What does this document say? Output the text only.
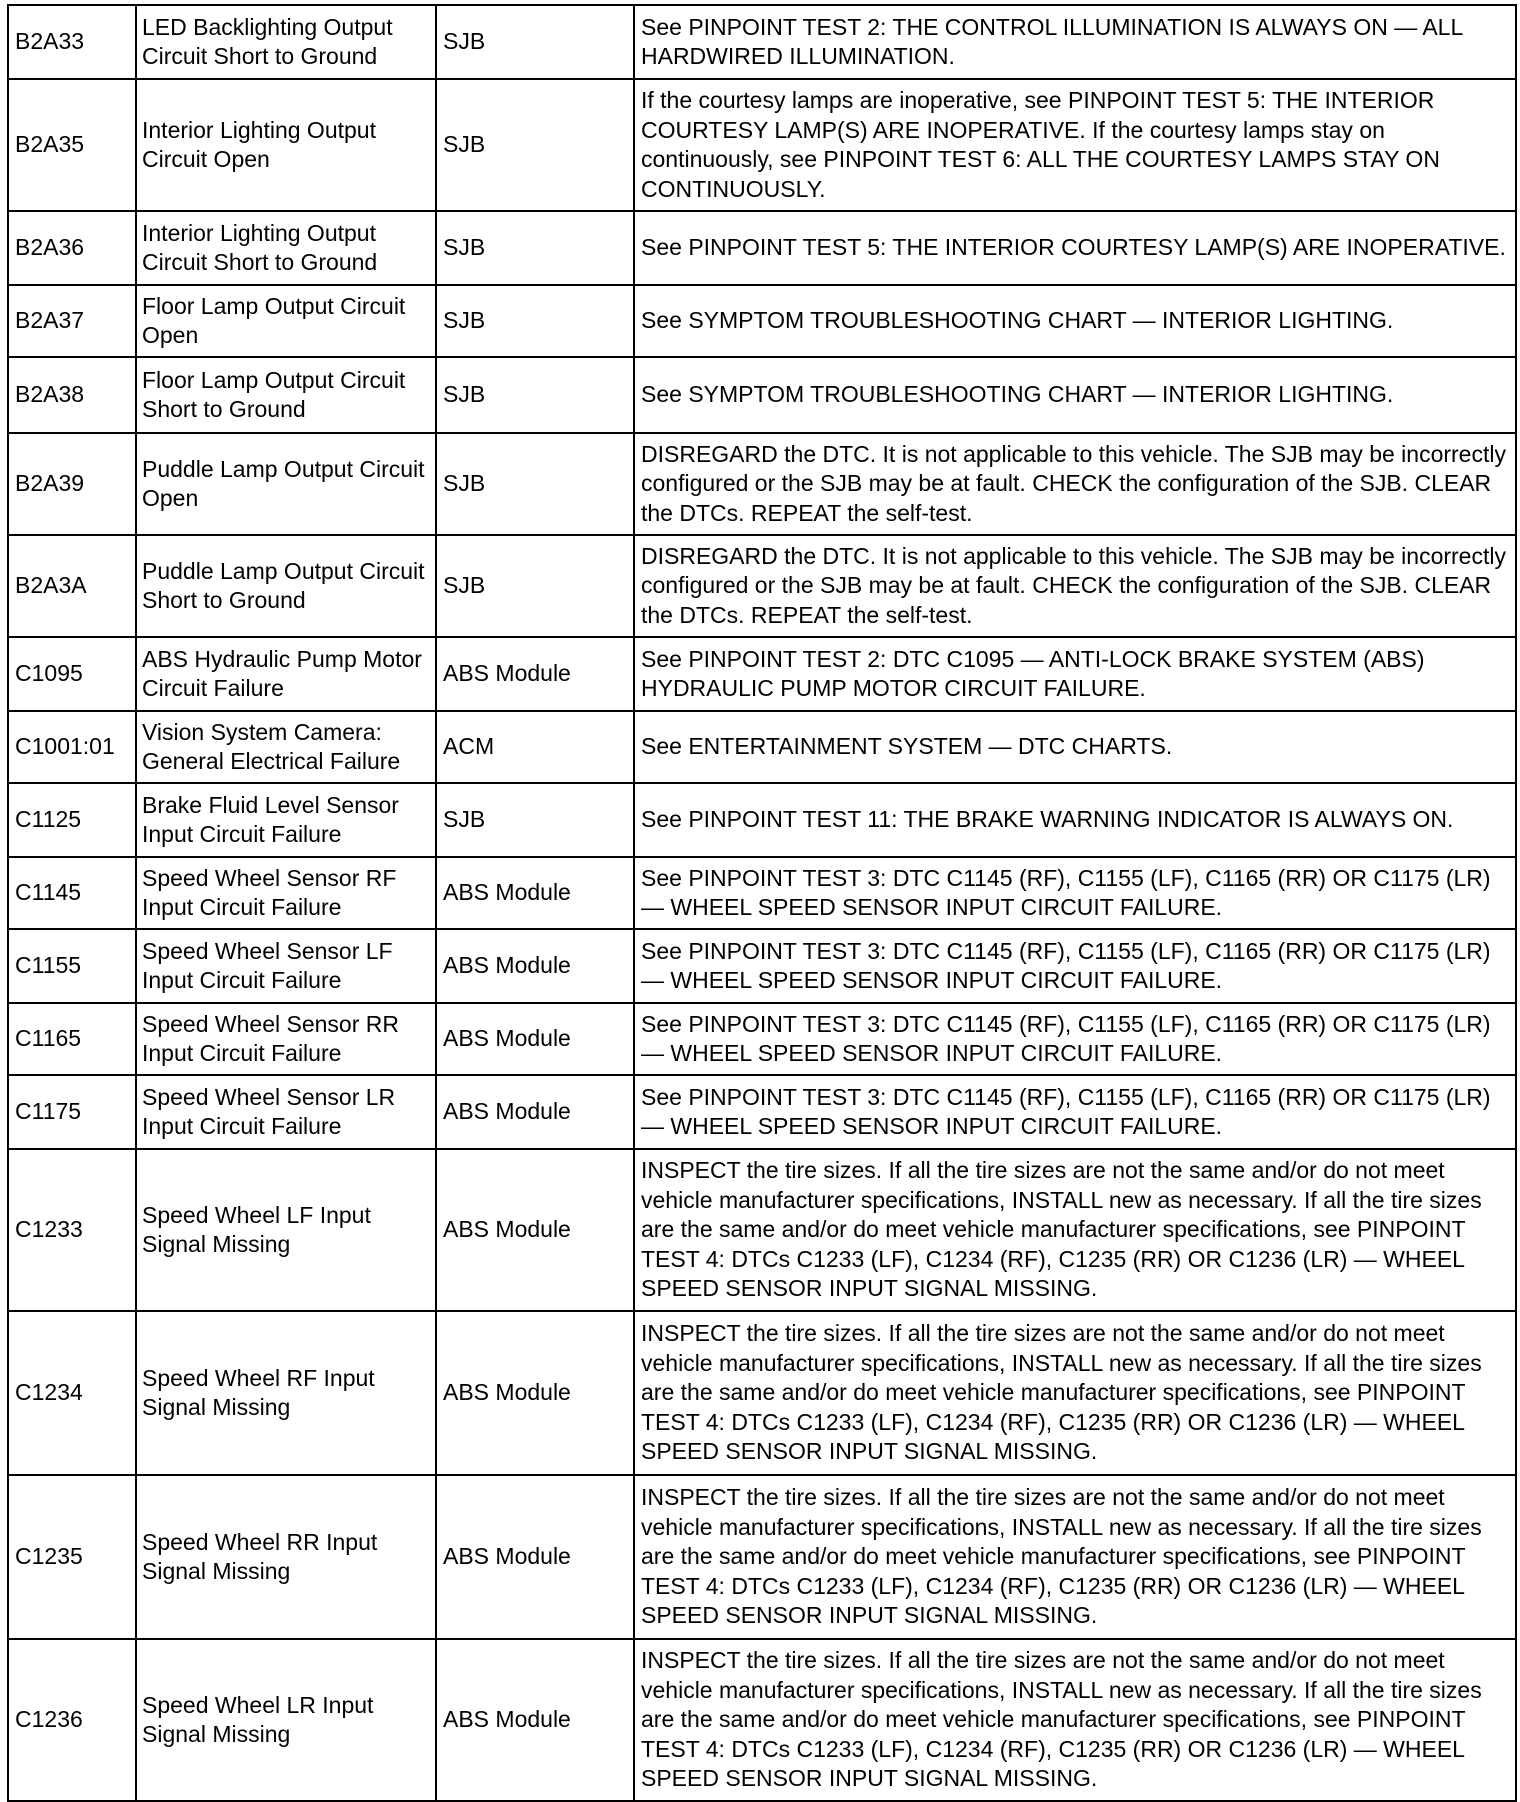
B2A33	LED Backlighting Output Circuit Short to Ground	SJB	See PINPOINT TEST 2: THE CONTROL ILLUMINATION IS ALWAYS ON — ALL HARDWIRED ILLUMINATION.
B2A35	Interior Lighting Output Circuit Open	SJB	If the courtesy lamps are inoperative, see PINPOINT TEST 5: THE INTERIOR COURTESY LAMP(S) ARE INOPERATIVE. If the courtesy lamps stay on continuously, see PINPOINT TEST 6: ALL THE COURTESY LAMPS STAY ON CONTINUOUSLY.
B2A36	Interior Lighting Output Circuit Short to Ground	SJB	See PINPOINT TEST 5: THE INTERIOR COURTESY LAMP(S) ARE INOPERATIVE.
B2A37	Floor Lamp Output Circuit Open	SJB	See SYMPTOM TROUBLESHOOTING CHART — INTERIOR LIGHTING.
B2A38	Floor Lamp Output Circuit Short to Ground	SJB	See SYMPTOM TROUBLESHOOTING CHART — INTERIOR LIGHTING.
B2A39	Puddle Lamp Output Circuit Open	SJB	DISREGARD the DTC. It is not applicable to this vehicle. The SJB may be incorrectly configured or the SJB may be at fault. CHECK the configuration of the SJB. CLEAR the DTCs. REPEAT the self-test.
B2A3A	Puddle Lamp Output Circuit Short to Ground	SJB	DISREGARD the DTC. It is not applicable to this vehicle. The SJB may be incorrectly configured or the SJB may be at fault. CHECK the configuration of the SJB. CLEAR the DTCs. REPEAT the self-test.
C1095	ABS Hydraulic Pump Motor Circuit Failure	ABS Module	See PINPOINT TEST 2: DTC C1095 — ANTI-LOCK BRAKE SYSTEM (ABS) HYDRAULIC PUMP MOTOR CIRCUIT FAILURE.
C1001:01	Vision System Camera: General Electrical Failure	ACM	See ENTERTAINMENT SYSTEM — DTC CHARTS.
C1125	Brake Fluid Level Sensor Input Circuit Failure	SJB	See PINPOINT TEST 11: THE BRAKE WARNING INDICATOR IS ALWAYS ON.
C1145	Speed Wheel Sensor RF Input Circuit Failure	ABS Module	See PINPOINT TEST 3: DTC C1145 (RF), C1155 (LF), C1165 (RR) OR C1175 (LR) — WHEEL SPEED SENSOR INPUT CIRCUIT FAILURE.
C1155	Speed Wheel Sensor LF Input Circuit Failure	ABS Module	See PINPOINT TEST 3: DTC C1145 (RF), C1155 (LF), C1165 (RR) OR C1175 (LR) — WHEEL SPEED SENSOR INPUT CIRCUIT FAILURE.
C1165	Speed Wheel Sensor RR Input Circuit Failure	ABS Module	See PINPOINT TEST 3: DTC C1145 (RF), C1155 (LF), C1165 (RR) OR C1175 (LR) — WHEEL SPEED SENSOR INPUT CIRCUIT FAILURE.
C1175	Speed Wheel Sensor LR Input Circuit Failure	ABS Module	See PINPOINT TEST 3: DTC C1145 (RF), C1155 (LF), C1165 (RR) OR C1175 (LR) — WHEEL SPEED SENSOR INPUT CIRCUIT FAILURE.
C1233	Speed Wheel LF Input Signal Missing	ABS Module	INSPECT the tire sizes. If all the tire sizes are not the same and/or do not meet vehicle manufacturer specifications, INSTALL new as necessary. If all the tire sizes are the same and/or do meet vehicle manufacturer specifications, see PINPOINT TEST 4: DTCs C1233 (LF), C1234 (RF), C1235 (RR) OR C1236 (LR) — WHEEL SPEED SENSOR INPUT SIGNAL MISSING.
C1234	Speed Wheel RF Input Signal Missing	ABS Module	INSPECT the tire sizes. If all the tire sizes are not the same and/or do not meet vehicle manufacturer specifications, INSTALL new as necessary. If all the tire sizes are the same and/or do meet vehicle manufacturer specifications, see PINPOINT TEST 4: DTCs C1233 (LF), C1234 (RF), C1235 (RR) OR C1236 (LR) — WHEEL SPEED SENSOR INPUT SIGNAL MISSING.
C1235	Speed Wheel RR Input Signal Missing	ABS Module	INSPECT the tire sizes. If all the tire sizes are not the same and/or do not meet vehicle manufacturer specifications, INSTALL new as necessary. If all the tire sizes are the same and/or do meet vehicle manufacturer specifications, see PINPOINT TEST 4: DTCs C1233 (LF), C1234 (RF), C1235 (RR) OR C1236 (LR) — WHEEL SPEED SENSOR INPUT SIGNAL MISSING.
C1236	Speed Wheel LR Input Signal Missing	ABS Module	INSPECT the tire sizes. If all the tire sizes are not the same and/or do not meet vehicle manufacturer specifications, INSTALL new as necessary. If all the tire sizes are the same and/or do meet vehicle manufacturer specifications, see PINPOINT TEST 4: DTCs C1233 (LF), C1234 (RF), C1235 (RR) OR C1236 (LR) — WHEEL SPEED SENSOR INPUT SIGNAL MISSING.
